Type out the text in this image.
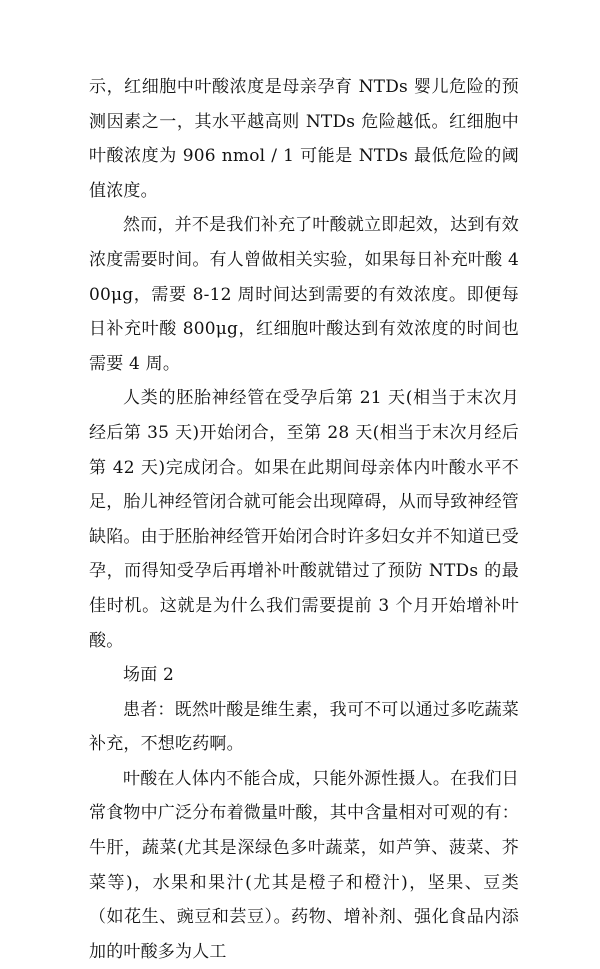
示，红细胞中叶酸浓度是母亲孕育 NTDs 婴儿危险的预测因素之一，其水平越高则 NTDs 危险越低。红细胞中叶酸浓度为 906 nmol / 1 可能是 NTDs 最低危险的阈值浓度。

然而，并不是我们补充了叶酸就立即起效，达到有效浓度需要时间。有人曾做相关实验，如果每日补充叶酸 400μg，需要 8-12 周时间达到需要的有效浓度。即便每日补充叶酸 800μg，红细胞叶酸达到有效浓度的时间也需要 4 周。

人类的胚胎神经管在受孕后第 21 天(相当于末次月经后第 35 天)开始闭合，至第 28 天(相当于末次月经后第 42 天)完成闭合。如果在此期间母亲体内叶酸水平不足，胎儿神经管闭合就可能会出现障碍，从而导致神经管缺陷。由于胚胎神经管开始闭合时许多妇女并不知道已受孕，而得知受孕后再增补叶酸就错过了预防 NTDs 的最佳时机。这就是为什么我们需要提前 3 个月开始增补叶酸。

场面 2

患者：既然叶酸是维生素，我可不可以通过多吃蔬菜补充，不想吃药啊。

叶酸在人体内不能合成，只能外源性摄人。在我们日常食物中广泛分布着微量叶酸，其中含量相对可观的有：牛肝，蔬菜(尤其是深绿色多叶蔬菜，如芦笋、菠菜、芥菜等)，水果和果汁(尤其是橙子和橙汁)，坚果、豆类（如花生、豌豆和芸豆）。药物、增补剂、强化食品内添加的叶酸多为人工
